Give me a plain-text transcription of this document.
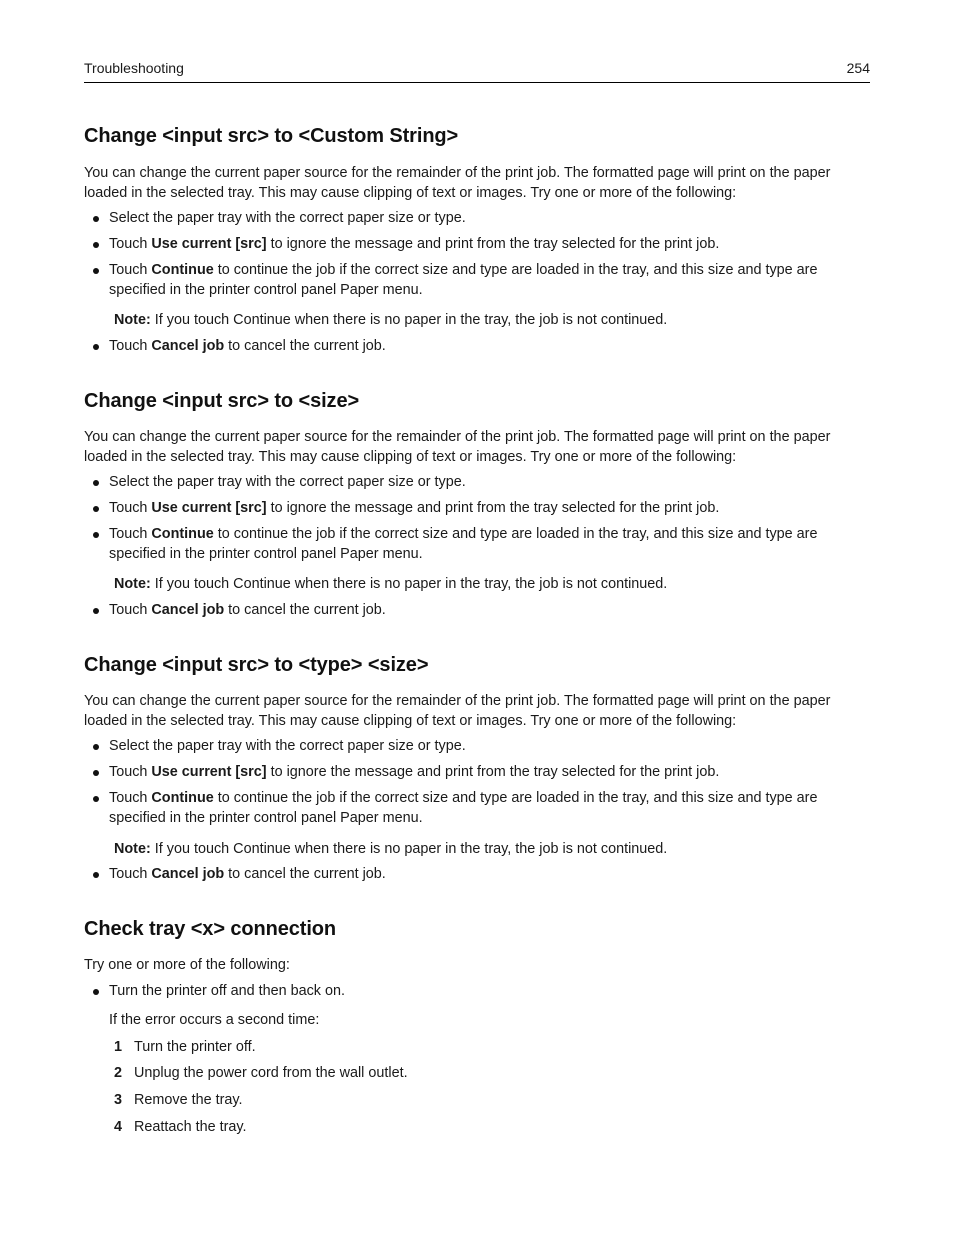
Troubleshooting	254
Change <input src> to <Custom String>

You can change the current paper source for the remainder of the print job. The formatted page will print on the paper loaded in the selected tray. This may cause clipping of text or images. Try one or more of the following:

Select the paper tray with the correct paper size or type.
Touch Use current [src] to ignore the message and print from the tray selected for the print job.
Touch Continue to continue the job if the correct size and type are loaded in the tray, and this size and type are specified in the printer control panel Paper menu.
Note: If you touch Continue when there is no paper in the tray, the job is not continued.
Touch Cancel job to cancel the current job.
Change <input src> to <size>

You can change the current paper source for the remainder of the print job. The formatted page will print on the paper loaded in the selected tray. This may cause clipping of text or images. Try one or more of the following:

Select the paper tray with the correct paper size or type.
Touch Use current [src] to ignore the message and print from the tray selected for the print job.
Touch Continue to continue the job if the correct size and type are loaded in the tray, and this size and type are specified in the printer control panel Paper menu.
Note: If you touch Continue when there is no paper in the tray, the job is not continued.
Touch Cancel job to cancel the current job.
Change <input src> to <type> <size>

You can change the current paper source for the remainder of the print job. The formatted page will print on the paper loaded in the selected tray. This may cause clipping of text or images. Try one or more of the following:

Select the paper tray with the correct paper size or type.
Touch Use current [src] to ignore the message and print from the tray selected for the print job.
Touch Continue to continue the job if the correct size and type are loaded in the tray, and this size and type are specified in the printer control panel Paper menu.
Note: If you touch Continue when there is no paper in the tray, the job is not continued.
Touch Cancel job to cancel the current job.
Check tray <x> connection

Try one or more of the following:

Turn the printer off and then back on.
If the error occurs a second time:
1 Turn the printer off.
2 Unplug the power cord from the wall outlet.
3 Remove the tray.
4 Reattach the tray.
